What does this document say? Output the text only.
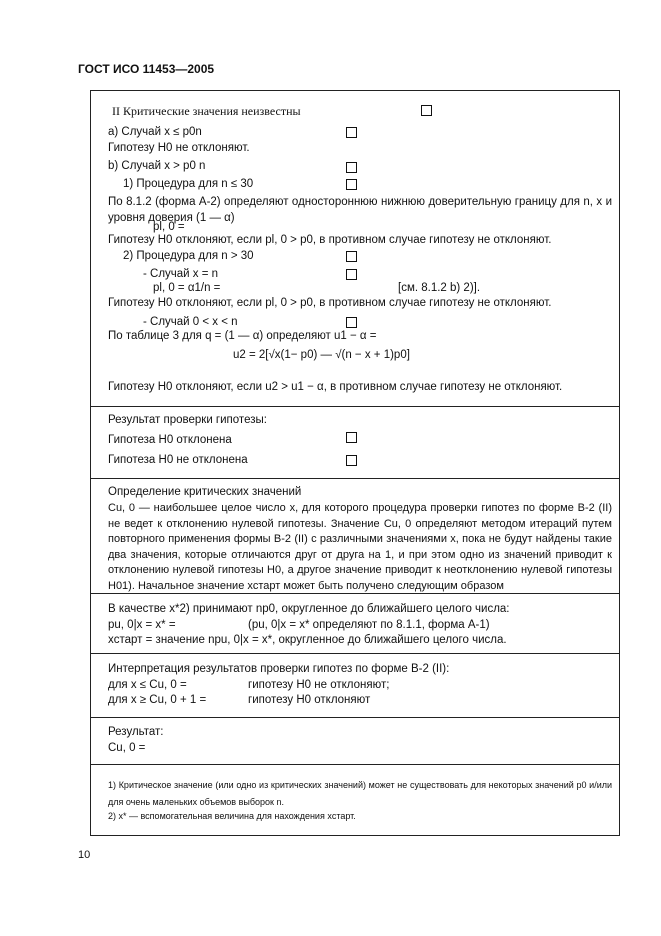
ГОСТ ИСО 11453—2005
II Критические значения неизвестны
а) Случай x ≤ p0n
Гипотезу H0 не отклоняют.
b) Случай x > p0 n
1) Процедура для n ≤ 30
По 8.1.2 (форма А-2) определяют одностороннюю нижнюю доверительную границу для n, x и уровня доверия (1 — α)
pl, 0 =
Гипотезу H0 отклоняют, если pl, 0 > p0, в противном случае гипотезу не отклоняют.
2) Процедура для n > 30
- Случай x = n
pl, 0 = α1/n =	[см. 8.1.2 b) 2)].
Гипотезу H0 отклоняют, если pl, 0 > p0, в противном случае гипотезу не отклоняют.
- Случай 0 < x < n
По таблице 3 для q = (1 — α) определяют u1 − α =
u2 = 2[√x(1− p0) — √(n − x + 1)p0]
Гипотезу H0 отклоняют, если u2 > u1 − α, в противном случае гипотезу не отклоняют.
Результат проверки гипотезы:
Гипотеза H0 отклонена
Гипотеза H0 не отклонена
Определение критических значений
Cu, 0 — наибольшее целое число x, для которого процедура проверки гипотез по форме В-2 (II) не ведет к отклонению нулевой гипотезы. Значение Cu, 0 определяют методом итераций путем повторного применения формы В-2 (II) с различными значениями x, пока не будут найдены такие два значения, которые отличаются друг от друга на 1, и при этом одно из значений приводит к отклонению нулевой гипотезы H0, а другое значение приводит к неотклонению нулевой гипотезы H01). Начальное значение xстарт может быть получено следующим образом
В качестве x*2) принимают np0, округленное до ближайшего целого числа:
pu, 0|x = x* =	(pu, 0|x = x* определяют по 8.1.1, форма А-1)
xстарт = значение npu, 0|x = x*, округленное до ближайшего целого числа.
Интерпретация результатов проверки гипотез по форме В-2 (II):
для x ≤ Cu, 0 =	гипотезу H0 не отклоняют;
для x ≥ Cu, 0 + 1 =	гипотезу H0 отклоняют
Результат:
Cu, 0 =
1) Критическое значение (или одно из критических значений) может не существовать для некоторых значений p0 и/или для очень маленьких объемов выборок n.
2) x* — вспомогательная величина для нахождения xстарт.
10
